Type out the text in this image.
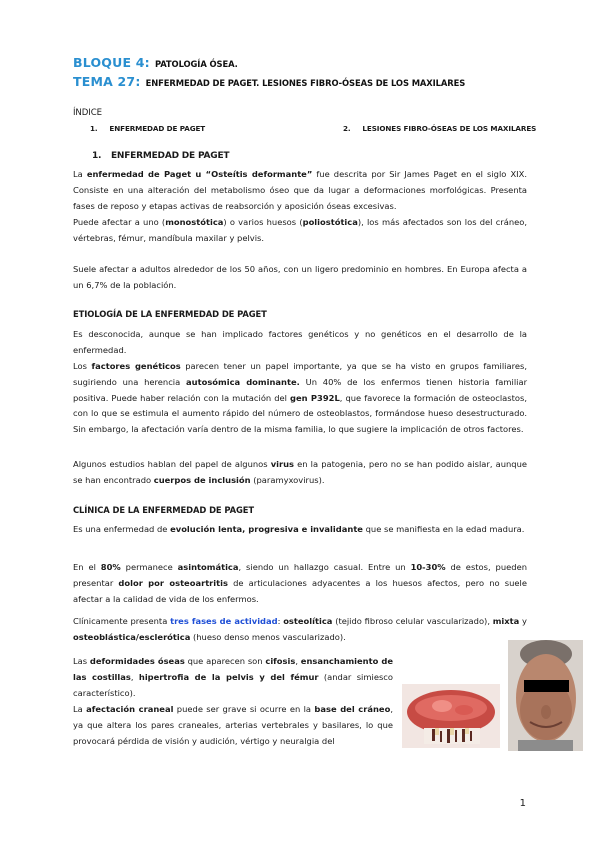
BLOQUE 4: PATOLOGÍA ÓSEA.
TEMA 27: ENFERMEDAD DE PAGET. LESIONES FIBRO-ÓSEAS DE LOS MAXILARES
ÍNDICE
1. ENFERMEDAD DE PAGET	2. LESIONES FIBRO-ÓSEAS DE LOS MAXILARES
1. ENFERMEDAD DE PAGET
La enfermedad de Paget u “Osteítis deformante” fue descrita por Sir James Paget en el siglo XIX. Consiste en una alteración del metabolismo óseo que da lugar a deformaciones morfológicas. Presenta fases de reposo y etapas activas de reabsorción y aposición óseas excesivas.
Puede afectar a uno (monostótica) o varios huesos (poliostótica), los más afectados son los del cráneo, vértebras, fémur, mandíbula maxilar y pelvis.
Suele afectar a adultos alrededor de los 50 años, con un ligero predominio en hombres. En Europa afecta a un 6,7% de la población.
ETIOLOGÍA DE LA ENFERMEDAD DE PAGET
Es desconocida, aunque se han implicado factores genéticos y no genéticos en el desarrollo de la enfermedad.
Los factores genéticos parecen tener un papel importante, ya que se ha visto en grupos familiares, sugiriendo una herencia autosómica dominante. Un 40% de los enfermos tienen historia familiar positiva. Puede haber relación con la mutación del gen P392L, que favorece la formación de osteoclastos, con lo que se estimula el aumento rápido del número de osteoblastos, formándose hueso desestructurado. Sin embargo, la afectación varía dentro de la misma familia, lo que sugiere la implicación de otros factores.
Algunos estudios hablan del papel de algunos virus en la patogenia, pero no se han podido aislar, aunque se han encontrado cuerpos de inclusión (paramyxovirus).
CLÍNICA DE LA ENFERMEDAD DE PAGET
Es una enfermedad de evolución lenta, progresiva e invalidante que se manifiesta en la edad madura.
En el 80% permanece asintomática, siendo un hallazgo casual. Entre un 10-30% de estos, pueden presentar dolor por osteoartritis de articulaciones adyacentes a los huesos afectos, pero no suele afectar a la calidad de vida de los enfermos.
Clínicamente presenta tres fases de actividad: osteolítica (tejido fibroso celular vascularizado), mixta y osteoblástica/esclerótica (hueso denso menos vascularizado).
Las deformidades óseas que aparecen son cifosis, ensanchamiento de las costillas, hipertrofia de la pelvis y del fémur (andar simiesco característico).
La afectación craneal puede ser grave si ocurre en la base del cráneo, ya que altera los pares craneales, arterias vertebrales y basilares, lo que provocará pérdida de visión y audición, vértigo y neuralgia del
1
